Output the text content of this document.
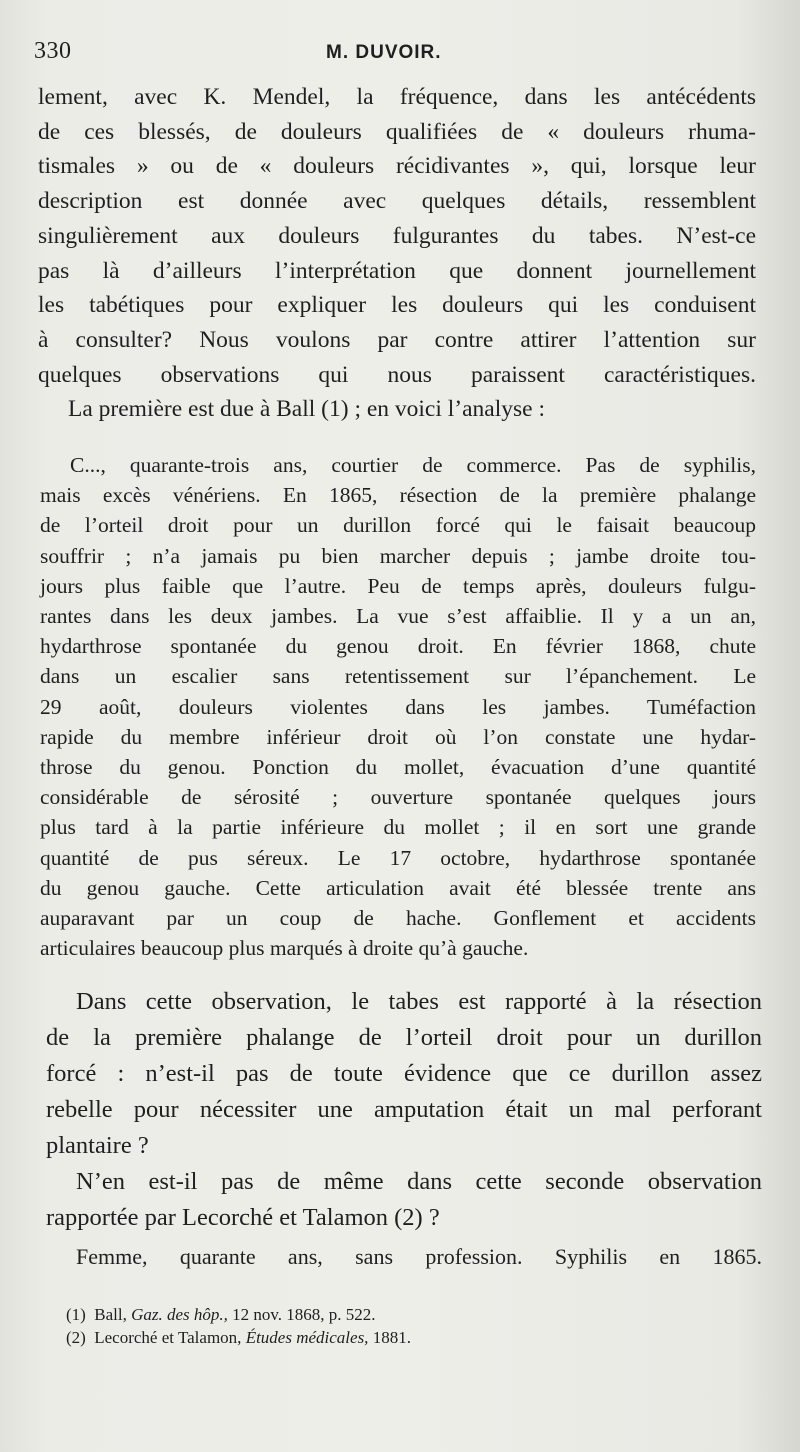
330	M. DUVOIR.
lement, avec K. Mendel, la fréquence, dans les antécédents
de ces blessés, de douleurs qualifiées de « douleurs rhuma-
tismales » ou de « douleurs récidivantes », qui, lorsque leur
description est donnée avec quelques détails, ressemblent
singulièrement aux douleurs fulgurantes du tabes. N’est-ce
pas là d’ailleurs l’interprétation que donnent journellement
les tabétiques pour expliquer les douleurs qui les conduisent
à consulter? Nous voulons par contre attirer l’attention sur
quelques observations qui nous paraissent caractéristiques.
La première est due à Ball (1) ; en voici l’analyse :
C..., quarante-trois ans, courtier de commerce. Pas de syphilis,
mais excès vénériens. En 1865, résection de la première phalange
de l’orteil droit pour un durillon forcé qui le faisait beaucoup
souffrir ; n’a jamais pu bien marcher depuis ; jambe droite tou-
jours plus faible que l’autre. Peu de temps après, douleurs fulgu-
rantes dans les deux jambes. La vue s’est affaiblie. Il y a un an,
hydarthrose spontanée du genou droit. En février 1868, chute
dans un escalier sans retentissement sur l’épanchement. Le
29 août, douleurs violentes dans les jambes. Tuméfaction
rapide du membre inférieur droit où l’on constate une hydar-
throse du genou. Ponction du mollet, évacuation d’une quantité
considérable de sérosité ; ouverture spontanée quelques jours
plus tard à la partie inférieure du mollet ; il en sort une grande
quantité de pus séreux. Le 17 octobre, hydarthrose spontanée
du genou gauche. Cette articulation avait été blessée trente ans
auparavant par un coup de hache. Gonflement et accidents
articulaires beaucoup plus marqués à droite qu’à gauche.
Dans cette observation, le tabes est rapporté à la résection
de la première phalange de l’orteil droit pour un durillon
forcé : n’est-il pas de toute évidence que ce durillon assez
rebelle pour nécessiter une amputation était un mal perforant
plantaire ?
N’en est-il pas de même dans cette seconde observation
rapportée par Lecorché et Talamon (2) ?
Femme, quarante ans, sans profession. Syphilis en 1865.
(1) Ball, Gaz. des hôp., 12 nov. 1868, p. 522.
(2) Lecorché et Talamon, Études médicales, 1881.
